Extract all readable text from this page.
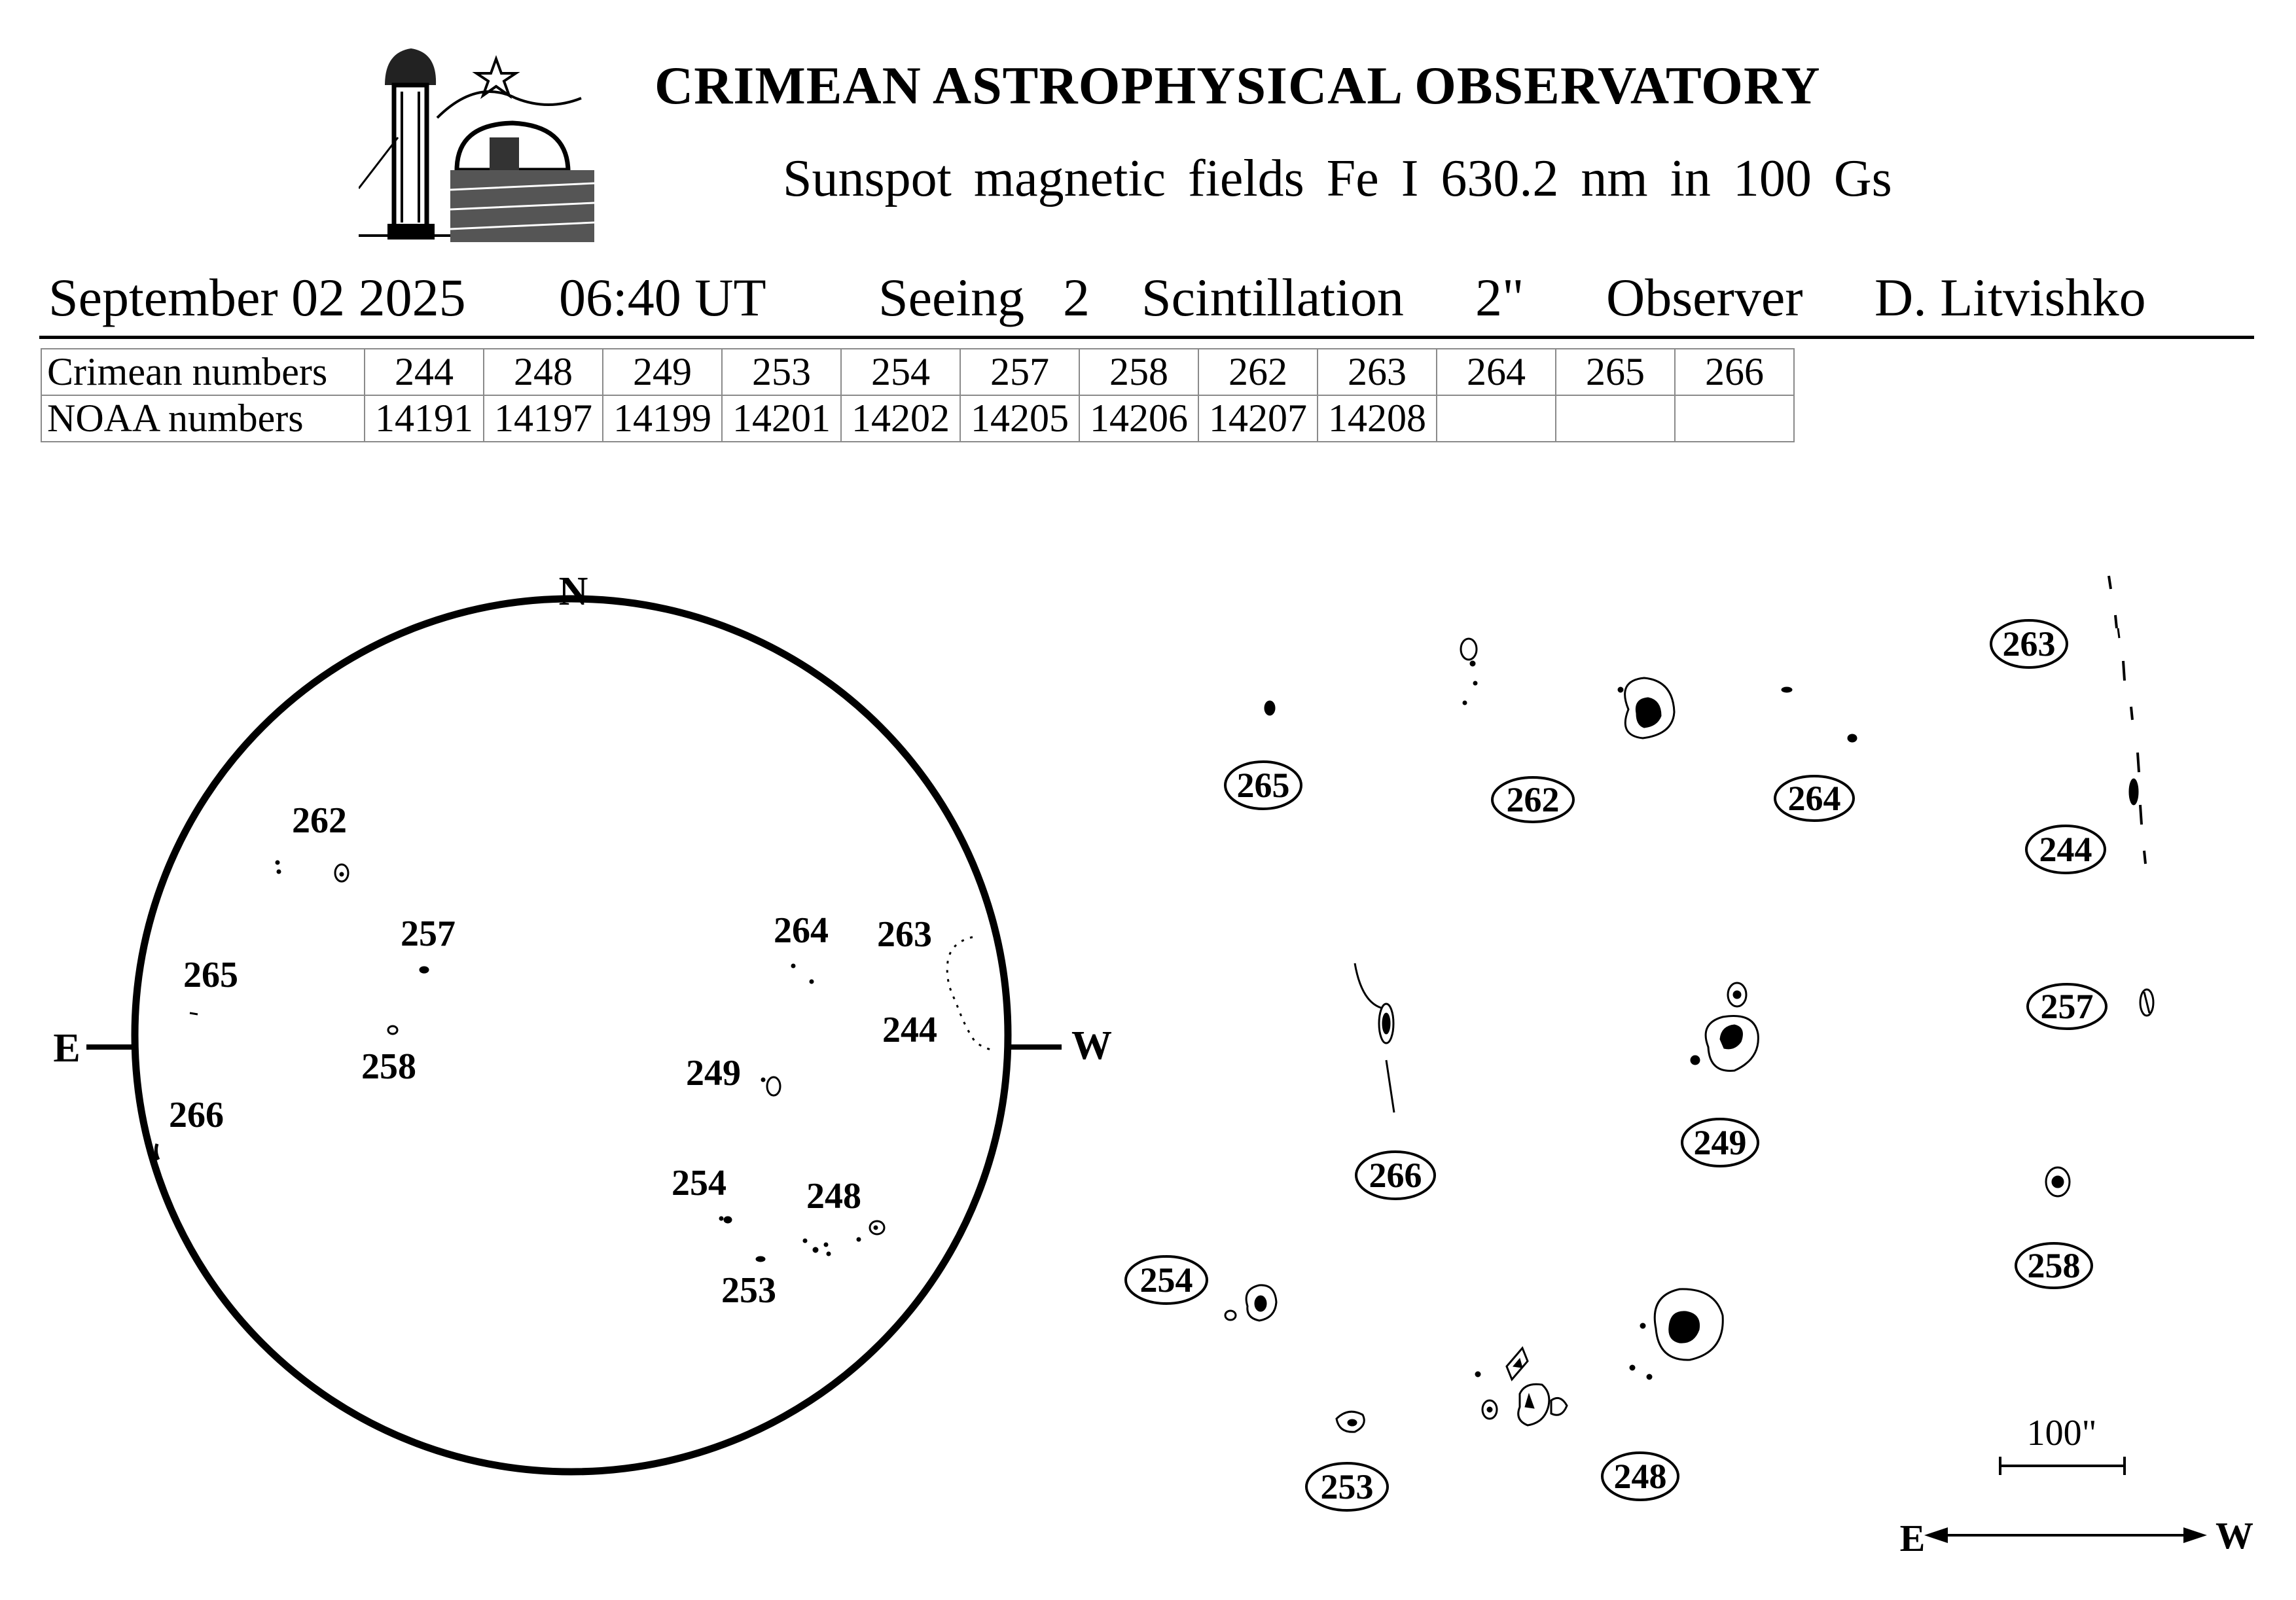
CRIMEAN ASTROPHYSICAL OBSERVATORY
Sunspot magnetic fields Fe I 630.2 nm in 100 Gs
September 02 2025 06:40 UT Seeing 2 Scintillation 2" Observer D. Litvishko
Crimean numbers	244	248	249	253	254	257	258	262	263	264	265	266
NOAA numbers	14191	14197	14199	14201	14202	14205	14206	14207	14208			
N
E	W
262
257
265
258
266
264 263
244
249
254 248
253
263
265	262	264
244
257
249
266
258
254
253	248
100"
E	W
